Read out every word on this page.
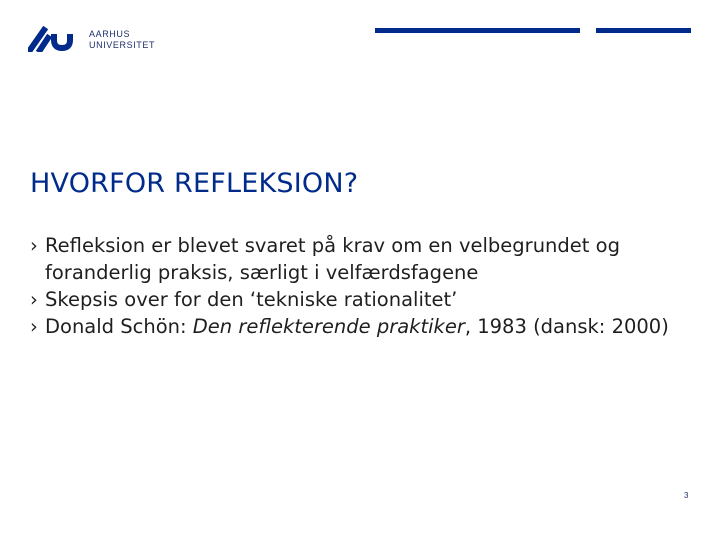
AARHUS
UNIVERSITET
HVORFOR REFLEKSION?
› Refleksion er blevet svaret på krav om en velbegrundet og foranderlig praksis, særligt i velfærdsfagene
› Skepsis over for den ‘tekniske rationalitet’
› Donald Schön: Den reflekterende praktiker, 1983 (dansk: 2000)
3
